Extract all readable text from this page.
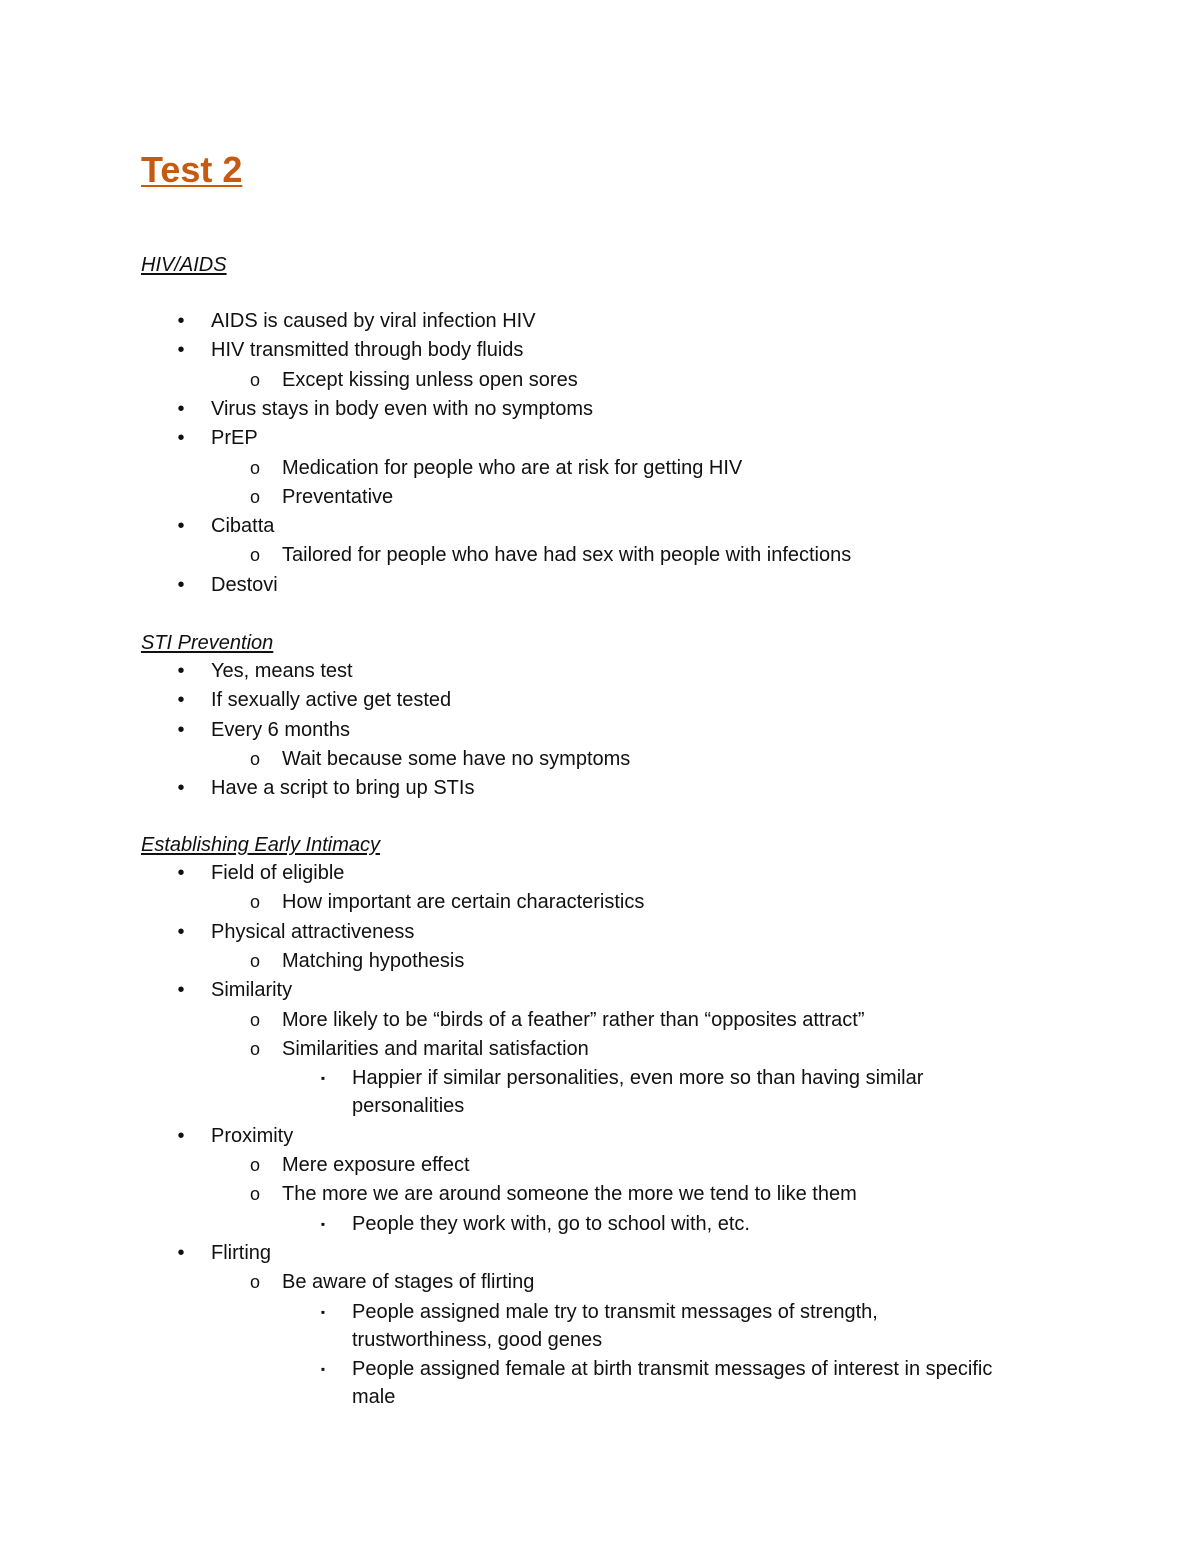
Test 2
HIV/AIDS
• AIDS is caused by viral infection HIV
• HIV transmitted through body fluids
o Except kissing unless open sores
• Virus stays in body even with no symptoms
• PrEP
o Medication for people who are at risk for getting HIV
o Preventative
• Cibatta
o Tailored for people who have had sex with people with infections
• Destovi
STI Prevention
• Yes, means test
• If sexually active get tested
• Every 6 months
o Wait because some have no symptoms
• Have a script to bring up STIs
Establishing Early Intimacy
• Field of eligible
o How important are certain characteristics
• Physical attractiveness
o Matching hypothesis
• Similarity
o More likely to be “birds of a feather” rather than “opposites attract”
o Similarities and marital satisfaction
▪ Happier if similar personalities, even more so than having similar
personalities
• Proximity
o Mere exposure effect
o The more we are around someone the more we tend to like them
▪ People they work with, go to school with, etc.
• Flirting
o Be aware of stages of flirting
▪ People assigned male try to transmit messages of strength,
trustworthiness, good genes
▪ People assigned female at birth transmit messages of interest in specific
male
